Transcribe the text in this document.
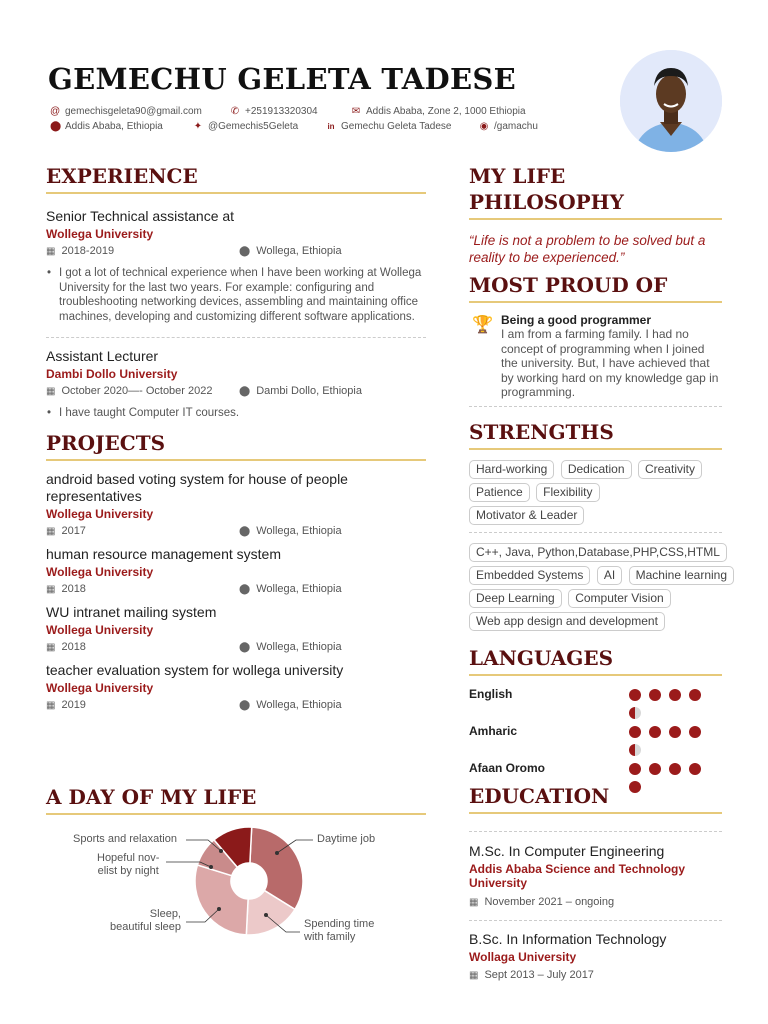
GEMECHU GELETA TADESE
@ gemechisgeleta90@gmail.com	✆ +251913320304	✉ Addis Ababa, Zone 2, 1000 Ethiopia
⬤ Addis Ababa, Ethiopia	✦ @Gemechis5Geleta	in Gemechu Geleta Tadese	◉ /gamachu
EXPERIENCE
Senior Technical assistance at
Wollega University
▦ 2018-2019	⬤ Wollega, Ethiopia
• I got a lot of technical experience when I have been working at Wollega University for the last two years. For example: configuring and troubleshooting networking devices, assembling and maintaining office machines, developing and customizing different software applications.
Assistant Lecturer
Dambi Dollo University
▦ October 2020—- October 2022	⬤ Dambi Dollo, Ethiopia
• I have taught Computer IT courses.
PROJECTS
android based voting system for house of people representatives
Wollega University
▦ 2017	⬤ Wollega, Ethiopia
human resource management system
Wollega University
▦ 2018	⬤ Wollega, Ethiopia
WU intranet mailing system
Wollega University
▦ 2018	⬤ Wollega, Ethiopia
teacher evaluation system for wollega university
Wollega University
▦ 2019	⬤ Wollega, Ethiopia
A DAY OF MY LIFE
Sports and relaxation
Hopeful nov-
elist by night
Sleep,
beautiful sleep
Daytime job
Spending time
with family
MY LIFE PHILOSOPHY
“Life is not a problem to be solved but a reality to be experienced.”
MOST PROUD OF
🏆 Being a good programmer
I am from a farming family. I had no concept of programming when I joined the university. But, I have achieved that by working hard on my knowledge gap in programming.
STRENGTHS
Hard-working Dedication Creativity Patience Flexibility Motivator & Leader
C++, Java, Python,Database,PHP,CSS,HTML Embedded Systems AI Machine learning Deep Learning Computer Vision Web app design and development
LANGUAGES
English
Amharic
Afaan Oromo
EDUCATION
M.Sc. In Computer Engineering
Addis Ababa Science and Technology University
▦ November 2021 – ongoing
B.Sc. In Information Technology
Wollaga University
▦ Sept 2013 – July 2017
